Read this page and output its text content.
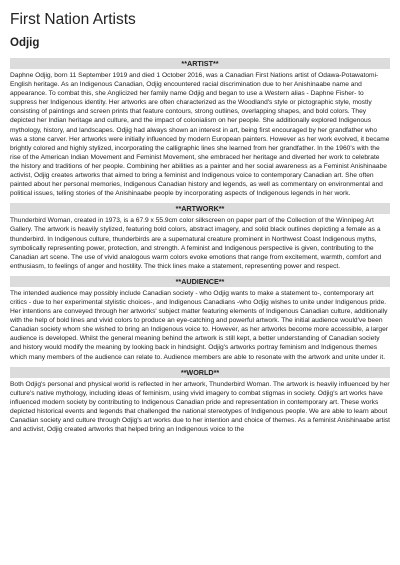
First Nation Artists
Odjig
**ARTIST**

Daphne Odjig, born 11 September 1919 and died 1 October 2016, was a Canadian First Nations artist of Odawa-Potawatomi-English heritage. As an Indigenous Canadian, Odjig encountered racial discrimination due to her Anishinaabe name and appearance. To combat this, she Anglicized her family name Odjig and began to use a Western alias - Daphne Fisher- to suppress her Indigenous identity. Her artworks are often characterized as the Woodland's style or pictographic style, mostly consisting of paintings and screen prints that feature contours, strong outlines, overlapping shapes, and bold colors. They depicted her Indian heritage and culture, and the impact of colonialism on her people. She additionally explored Indigenous mythology, history, and landscapes. Odjig had always shown an interest in art, being first encouraged by her grandfather who was a stone carver. Her artworks were initially influenced by modern European painters. However as her work evolved, it became brightly colored and highly stylized, incorporating the calligraphic lines she learned from her grandfather. In the 1960's with the rise of the American Indian Movement and Feminist Movement, she embraced her heritage and diverted her work to celebrate the history and traditions of her people. Combining her abilities as a painter and her social awareness as a Feminist Anishinaabe activist, Odjig creates artworks that aimed to bring a feminist and Indigenous voice to contemporary Canadian art. She often painted about her personal memories, Indigenous Canadian history and legends, as well as commentary on environmental and political issues, telling stories of the Anishinaabe people by incorporating aspects of Indigenous legends in her work.

**ARTWORK**

Thunderbird Woman, created in 1973, is a 67.9 x 55.9cm color silkscreen on paper part of the Collection of the Winnipeg Art Gallery. The artwork is heavily stylized, featuring bold colors, abstract imagery, and solid black outlines depicting a female as a thunderbird. In Indigenous culture, thunderbirds are a supernatural creature prominent in Northwest Coast Indigenous myths, symbolically representing power, protection, and strength. A feminist and Indigenous perspective is given, contributing to the Canadian art scene. The use of vivid analogous warm colors evoke emotions that range from excitement, warmth, comfort and enthusiasm, to feelings of anger and hostility. The thick lines make a statement, representing power and respect.

**AUDIENCE**

The intended audience may possibly include Canadian society - who Odjig wants to make a statement to-, contemporary art critics - due to her experimental stylistic choices-, and Indigenous Canadians -who Odjig wishes to unite under Indigenous pride. Her intentions are conveyed through her artworks' subject matter featuring elements of Indigenous Canadian culture, additionally with the help of bold lines and vivid colors to produce an eye-catching and powerful artwork. The initial audience would've been Canadian society whom she wished to bring an Indigenous voice to. However, as her artworks become more accessible, a larger audience is developed. Whilst the general meaning behind the artwork is still kept, a better understanding of Canadian society and history would modify the meaning by looking back in hindsight. Odjig's artworks portray feminism and Indigenous themes which many members of the audience can relate to. Audience members are able to resonate with the artwork and unite under it.

**WORLD**

Both Odjig's personal and physical world is reflected in her artwork, Thunderbird Woman. The artwork is heavily influenced by her culture's native mythology, including ideas of feminism, using vivid imagery to combat stigmas in society. Odjig's art works have influenced modern society by contributing to Indigenous Canadian pride and representation in contemporary art. These works depicted historical events and legends that challenged the national stereotypes of Indigenous people. We are able to learn about Canadian society and culture through Odjig's art works due to her intention and choice of themes. As a feminist Anishinaabe artist and activist, Odjig created artworks that helped bring an Indigenous voice to the
